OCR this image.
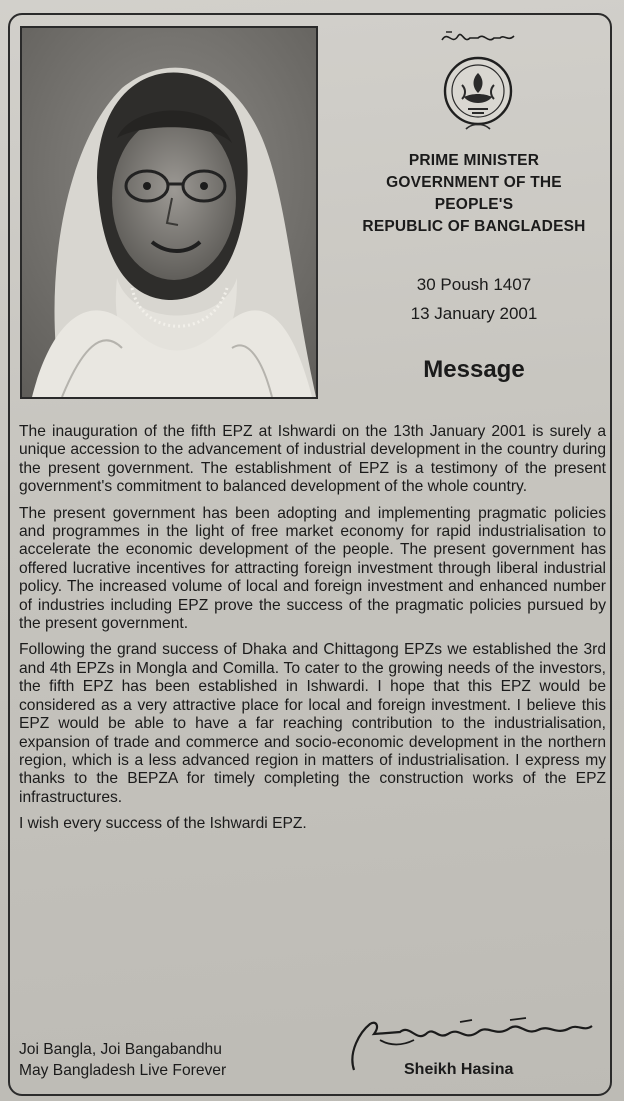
PRIME MINISTER
GOVERNMENT OF THE
PEOPLE'S
REPUBLIC OF BANGLADESH
30 Poush 1407
13 January 2001
Message

The inauguration of the fifth EPZ at Ishwardi on the 13th January 2001 is surely a unique accession to the advancement of industrial development in the country during the present government. The establishment of EPZ is a testimony of the present government's commitment to balanced development of the whole country.

The present government has been adopting and implementing pragmatic policies and programmes in the light of free market economy for rapid industrialisation to accelerate the economic development of the people. The present government has offered lucrative incentives for attracting foreign investment through liberal industrial policy. The increased volume of local and foreign investment and enhanced number of industries including EPZ prove the success of the pragmatic policies pursued by the present government.

Following the grand success of Dhaka and Chittagong EPZs we established the 3rd and 4th EPZs in Mongla and Comilla. To cater to the growing needs of the investors, the fifth EPZ has been established in Ishwardi. I hope that this EPZ would be considered as a very attractive place for local and foreign investment. I believe this EPZ would be able to have a far reaching contribution to the industrialisation, expansion of trade and commerce and socio-economic development in the northern region, which is a less advanced region in matters of industrialisation. I express my thanks to the BEPZA for timely completing the construction works of the EPZ infrastructures.

I wish every success of the Ishwardi EPZ.

Joi Bangla, Joi Bangabandhu
May Bangladesh Live Forever	Sheikh Hasina
